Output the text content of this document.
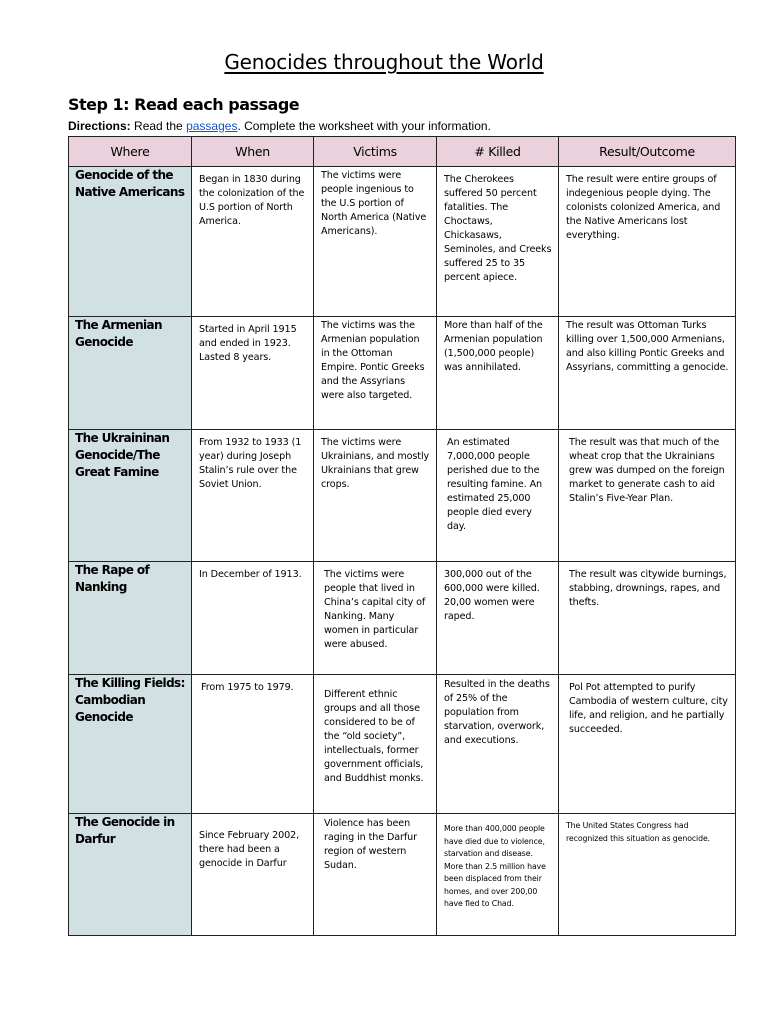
Genocides throughout the World
Step 1: Read each passage
Directions: Read the passages. Complete the worksheet with your information.
Where	When	Victims	# Killed	Result/Outcome
Genocide of the Native Americans	Began in 1830 during the colonization of the U.S portion of North America.	The victims were people ingenious to the U.S portion of North America (Native Americans).	The Cherokees suffered 50 percent fatalities. The Choctaws, Chickasaws, Seminoles, and Creeks suffered 25 to 35 percent apiece.	The result were entire groups of indegenious people dying. The colonists colonized America, and the Native Americans lost everything.
The Armenian Genocide	Started in April 1915 and ended in 1923. Lasted 8 years.	The victims was the Armenian population in the Ottoman Empire. Pontic Greeks and the Assyrians were also targeted.	More than half of the Armenian population (1,500,000 people) was annihilated.	The result was Ottoman Turks killing over 1,500,000 Armenians, and also killing Pontic Greeks and Assyrians, committing a genocide.
The Ukraininan Genocide/The Great Famine	From 1932 to 1933 (1 year) during Joseph Stalin’s rule over the Soviet Union.	The victims were Ukrainians, and mostly Ukrainians that grew crops.	An estimated 7,000,000 people perished due to the resulting famine. An estimated 25,000 people died every day.	The result was that much of the wheat crop that the Ukrainians grew was dumped on the foreign market to generate cash to aid Stalin’s Five-Year Plan.
The Rape of Nanking	In December of 1913.	The victims were people that lived in China’s capital city of Nanking. Many women in particular were abused.	300,000 out of the 600,000 were killed. 20,00 women were raped.	The result was citywide burnings, stabbing, drownings, rapes, and thefts.
The Killing Fields: Cambodian Genocide	From 1975 to 1979.	Different ethnic groups and all those considered to be of the “old society”, intellectuals, former government officials, and Buddhist monks.	Resulted in the deaths of 25% of the population from starvation, overwork, and executions.	Pol Pot attempted to purify Cambodia of western culture, city life, and religion, and he partially succeeded.
The Genocide in Darfur	Since February 2002, there had been a genocide in Darfur	Violence has been raging in the Darfur region of western Sudan.	More than 400,000 people have died due to violence, starvation and disease. More than 2.5 million have been displaced from their homes, and over 200,00 have fled to Chad.	The United States Congress had recognized this situation as genocide.
